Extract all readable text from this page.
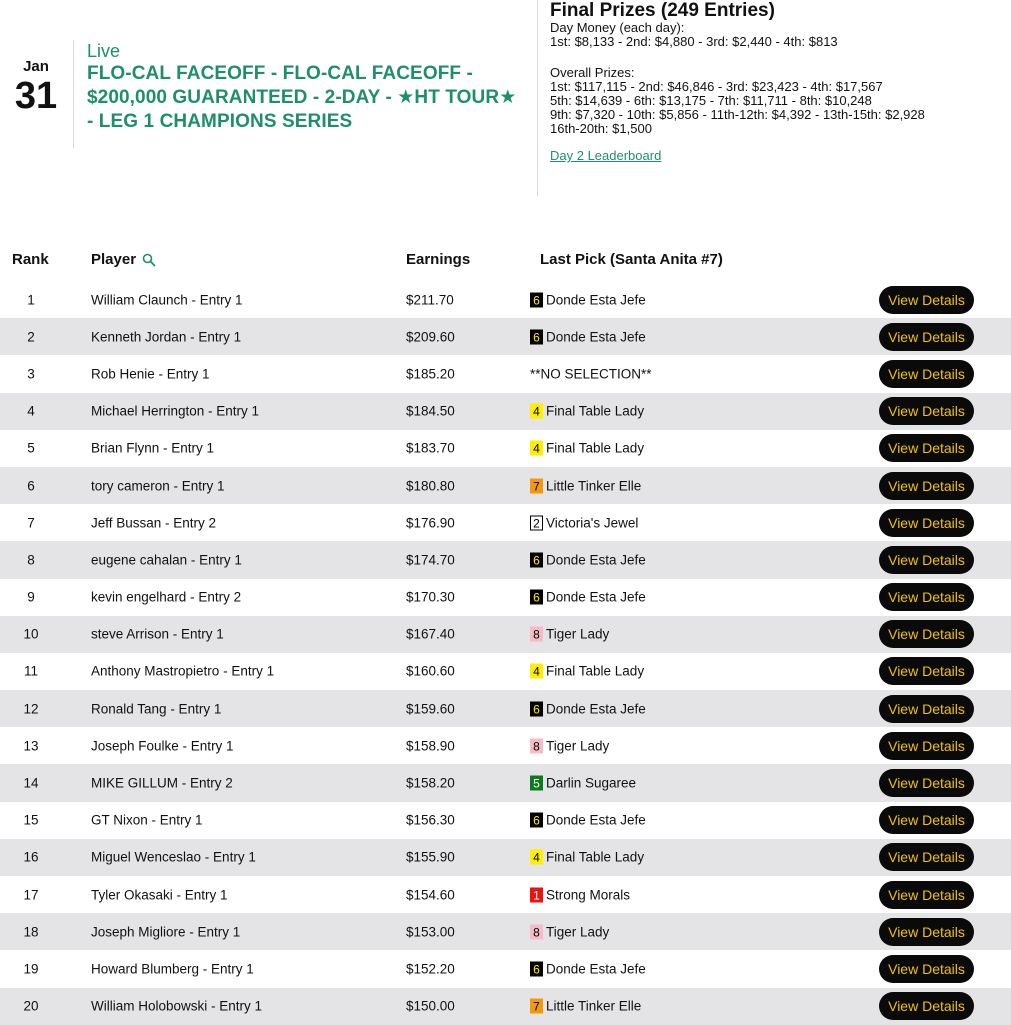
Jan
31
Live
FLO-CAL FACEOFF - FLO-CAL FACEOFF - $200,000 GUARANTEED - 2-DAY - ★HT TOUR★ - LEG 1 CHAMPIONS SERIES
Final Prizes (249 Entries)
Day Money (each day):
1st: $8,133 - 2nd: $4,880 - 3rd: $2,440 - 4th: $813
Overall Prizes:
1st: $117,115 - 2nd: $46,846 - 3rd: $23,423 - 4th: $17,567
5th: $14,639 - 6th: $13,175 - 7th: $11,711 - 8th: $10,248
9th: $7,320 - 10th: $5,856 - 11th-12th: $4,392 - 13th-15th: $2,928
16th-20th: $1,500
Day 2 Leaderboard
Rank	Player	Earnings	Last Pick (Santa Anita #7)
1	William Claunch - Entry 1	$211.70	6 Donde Esta Jefe	View Details
2	Kenneth Jordan - Entry 1	$209.60	6 Donde Esta Jefe	View Details
3	Rob Henie - Entry 1	$185.20	**NO SELECTION**	View Details
4	Michael Herrington - Entry 1	$184.50	4 Final Table Lady	View Details
5	Brian Flynn - Entry 1	$183.70	4 Final Table Lady	View Details
6	tory cameron - Entry 1	$180.80	7 Little Tinker Elle	View Details
7	Jeff Bussan - Entry 2	$176.90	2 Victoria's Jewel	View Details
8	eugene cahalan - Entry 1	$174.70	6 Donde Esta Jefe	View Details
9	kevin engelhard - Entry 2	$170.30	6 Donde Esta Jefe	View Details
10	steve Arrison - Entry 1	$167.40	8 Tiger Lady	View Details
11	Anthony Mastropietro - Entry 1	$160.60	4 Final Table Lady	View Details
12	Ronald Tang - Entry 1	$159.60	6 Donde Esta Jefe	View Details
13	Joseph Foulke - Entry 1	$158.90	8 Tiger Lady	View Details
14	MIKE GILLUM - Entry 2	$158.20	5 Darlin Sugaree	View Details
15	GT Nixon - Entry 1	$156.30	6 Donde Esta Jefe	View Details
16	Miguel Wenceslao - Entry 1	$155.90	4 Final Table Lady	View Details
17	Tyler Okasaki - Entry 1	$154.60	1 Strong Morals	View Details
18	Joseph Migliore - Entry 1	$153.00	8 Tiger Lady	View Details
19	Howard Blumberg - Entry 1	$152.20	6 Donde Esta Jefe	View Details
20	William Holobowski - Entry 1	$150.00	7 Little Tinker Elle	View Details
